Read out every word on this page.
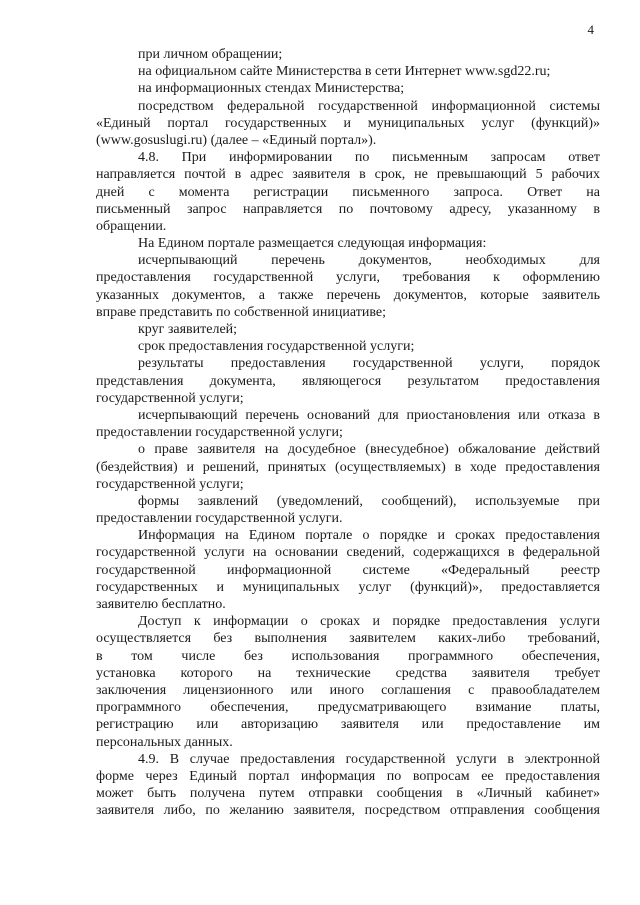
4
при личном обращении;
на официальном сайте Министерства в сети Интернет www.sgd22.ru;
на информационных стендах Министерства;
посредством федеральной государственной информационной системы
«Единый портал государственных и муниципальных услуг (функций)»
(www.gosuslugi.ru) (далее – «Единый портал»).
4.8. При информировании по письменным запросам ответ
направляется почтой в адрес заявителя в срок, не превышающий 5 рабочих
дней с момента регистрации письменного запроса. Ответ на
письменный запрос направляется по почтовому адресу, указанному в
обращении.
На Едином портале размещается следующая информация:
исчерпывающий перечень документов, необходимых для
предоставления государственной услуги, требования к оформлению
указанных документов, а также перечень документов, которые заявитель
вправе представить по собственной инициативе;
круг заявителей;
срок предоставления государственной услуги;
результаты предоставления государственной услуги, порядок
представления документа, являющегося результатом предоставления
государственной услуги;
исчерпывающий перечень оснований для приостановления или отказа в
предоставлении государственной услуги;
о праве заявителя на досудебное (внесудебное) обжалование действий
(бездействия) и решений, принятых (осуществляемых) в ходе предоставления
государственной услуги;
формы заявлений (уведомлений, сообщений), используемые при
предоставлении государственной услуги.
Информация на Едином портале о порядке и сроках предоставления
государственной услуги на основании сведений, содержащихся в федеральной
государственной информационной системе «Федеральный реестр
государственных и муниципальных услуг (функций)», предоставляется
заявителю бесплатно.
Доступ к информации о сроках и порядке предоставления услуги
осуществляется без выполнения заявителем каких-либо требований,
в том числе без использования программного обеспечения,
установка которого на технические средства заявителя требует
заключения лицензионного или иного соглашения с правообладателем
программного обеспечения, предусматривающего взимание платы,
регистрацию или авторизацию заявителя или предоставление им
персональных данных.
4.9. В случае предоставления государственной услуги в электронной
форме через Единый портал информация по вопросам ее предоставления
может быть получена путем отправки сообщения в «Личный кабинет»
заявителя либо, по желанию заявителя, посредством отправления сообщения
